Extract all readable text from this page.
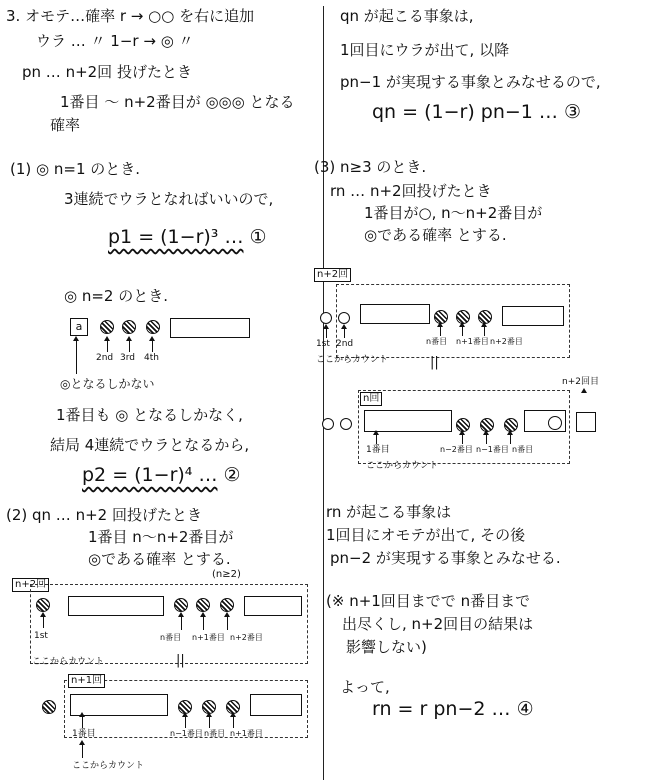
3. オモテ…確率 r → ○○ を右に追加
ウラ … 〃 1−r → ◎ 〃
pn … n+2回 投げたとき
1番目 〜 n+2番目が ◎◎◎ となる
確率
(1) ◎ n=1 のとき.
3連続でウラとなればいいので,
p1 = (1−r)³ … ①
◎ n=2 のとき.
a
2nd 3rd 4th
◎となるしかない
1番目も ◎ となるしかなく,
結局 4連続でウラとなるから,
p2 = (1−r)⁴ … ②
(2) qn … n+2 回投げたとき
1番目 n〜n+2番目が
◎である確率 とする.
(n≥2)
n+2回
1st	n番目 n+1番目 n+2番目
ここからカウント	||
n+1回
1番目	n−1番目 n番目 n+1番目
ここからカウント
qn が起こる事象は,
1回目にウラが出て, 以降
pn−1 が実現する事象とみなせるので,
qn = (1−r) pn−1 … ③
(3) n≥3 のとき.
rn … n+2回投げたとき
1番目が○, n〜n+2番目が
◎である確率 とする.
n+2回
1st 2nd	n番目 n+1番目 n+2番目
ここからカウント	||
n+2回目
n回
1番目	n−2番目 n−1番目 n番目
ここからカウント
rn が起こる事象は
1回目にオモテが出て, その後
pn−2 が実現する事象とみなせる.
(※ n+1回目までで n番目まで
出尽くし, n+2回目の結果は
影響しない)
よって,
rn = r pn−2 … ④
